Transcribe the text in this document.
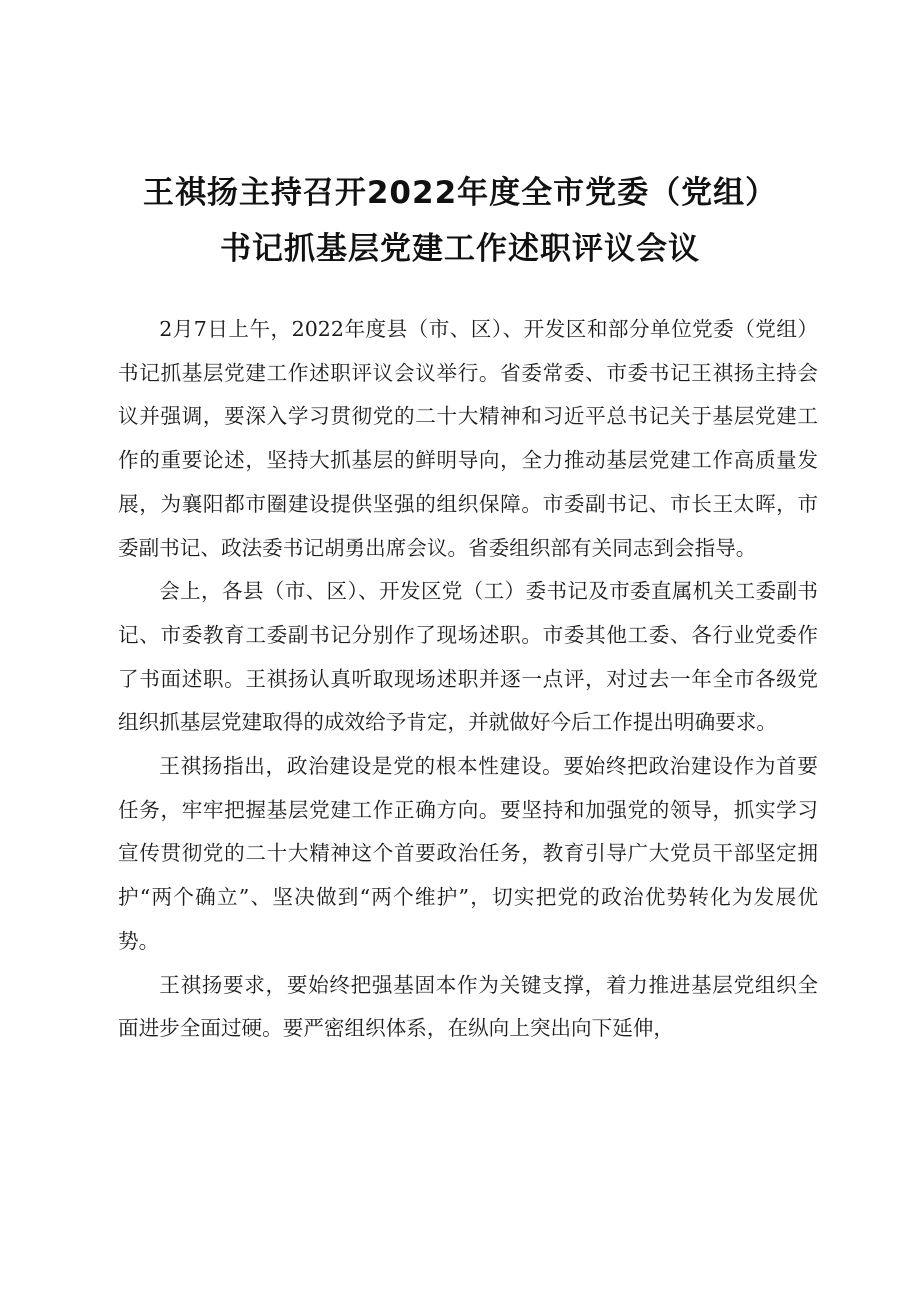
王祺扬主持召开2022年度全市党委（党组）
书记抓基层党建工作述职评议会议

2月7日上午，2022年度县（市、区）、开发区和部分单位党委（党组）书记抓基层党建工作述职评议会议举行。省委常委、市委书记王祺扬主持会议并强调，要深入学习贯彻党的二十大精神和习近平总书记关于基层党建工作的重要论述，坚持大抓基层的鲜明导向，全力推动基层党建工作高质量发展，为襄阳都市圈建设提供坚强的组织保障。市委副书记、市长王太晖，市委副书记、政法委书记胡勇出席会议。省委组织部有关同志到会指导。

会上，各县（市、区）、开发区党（工）委书记及市委直属机关工委副书记、市委教育工委副书记分别作了现场述职。市委其他工委、各行业党委作了书面述职。王祺扬认真听取现场述职并逐一点评，对过去一年全市各级党组织抓基层党建取得的成效给予肯定，并就做好今后工作提出明确要求。

王祺扬指出，政治建设是党的根本性建设。要始终把政治建设作为首要任务，牢牢把握基层党建工作正确方向。要坚持和加强党的领导，抓实学习宣传贯彻党的二十大精神这个首要政治任务，教育引导广大党员干部坚定拥护“两个确立”、坚决做到“两个维护”，切实把党的政治优势转化为发展优势。

王祺扬要求，要始终把强基固本作为关键支撑，着力推进基层党组织全面进步全面过硬。要严密组织体系，在纵向上突出向下延伸，
